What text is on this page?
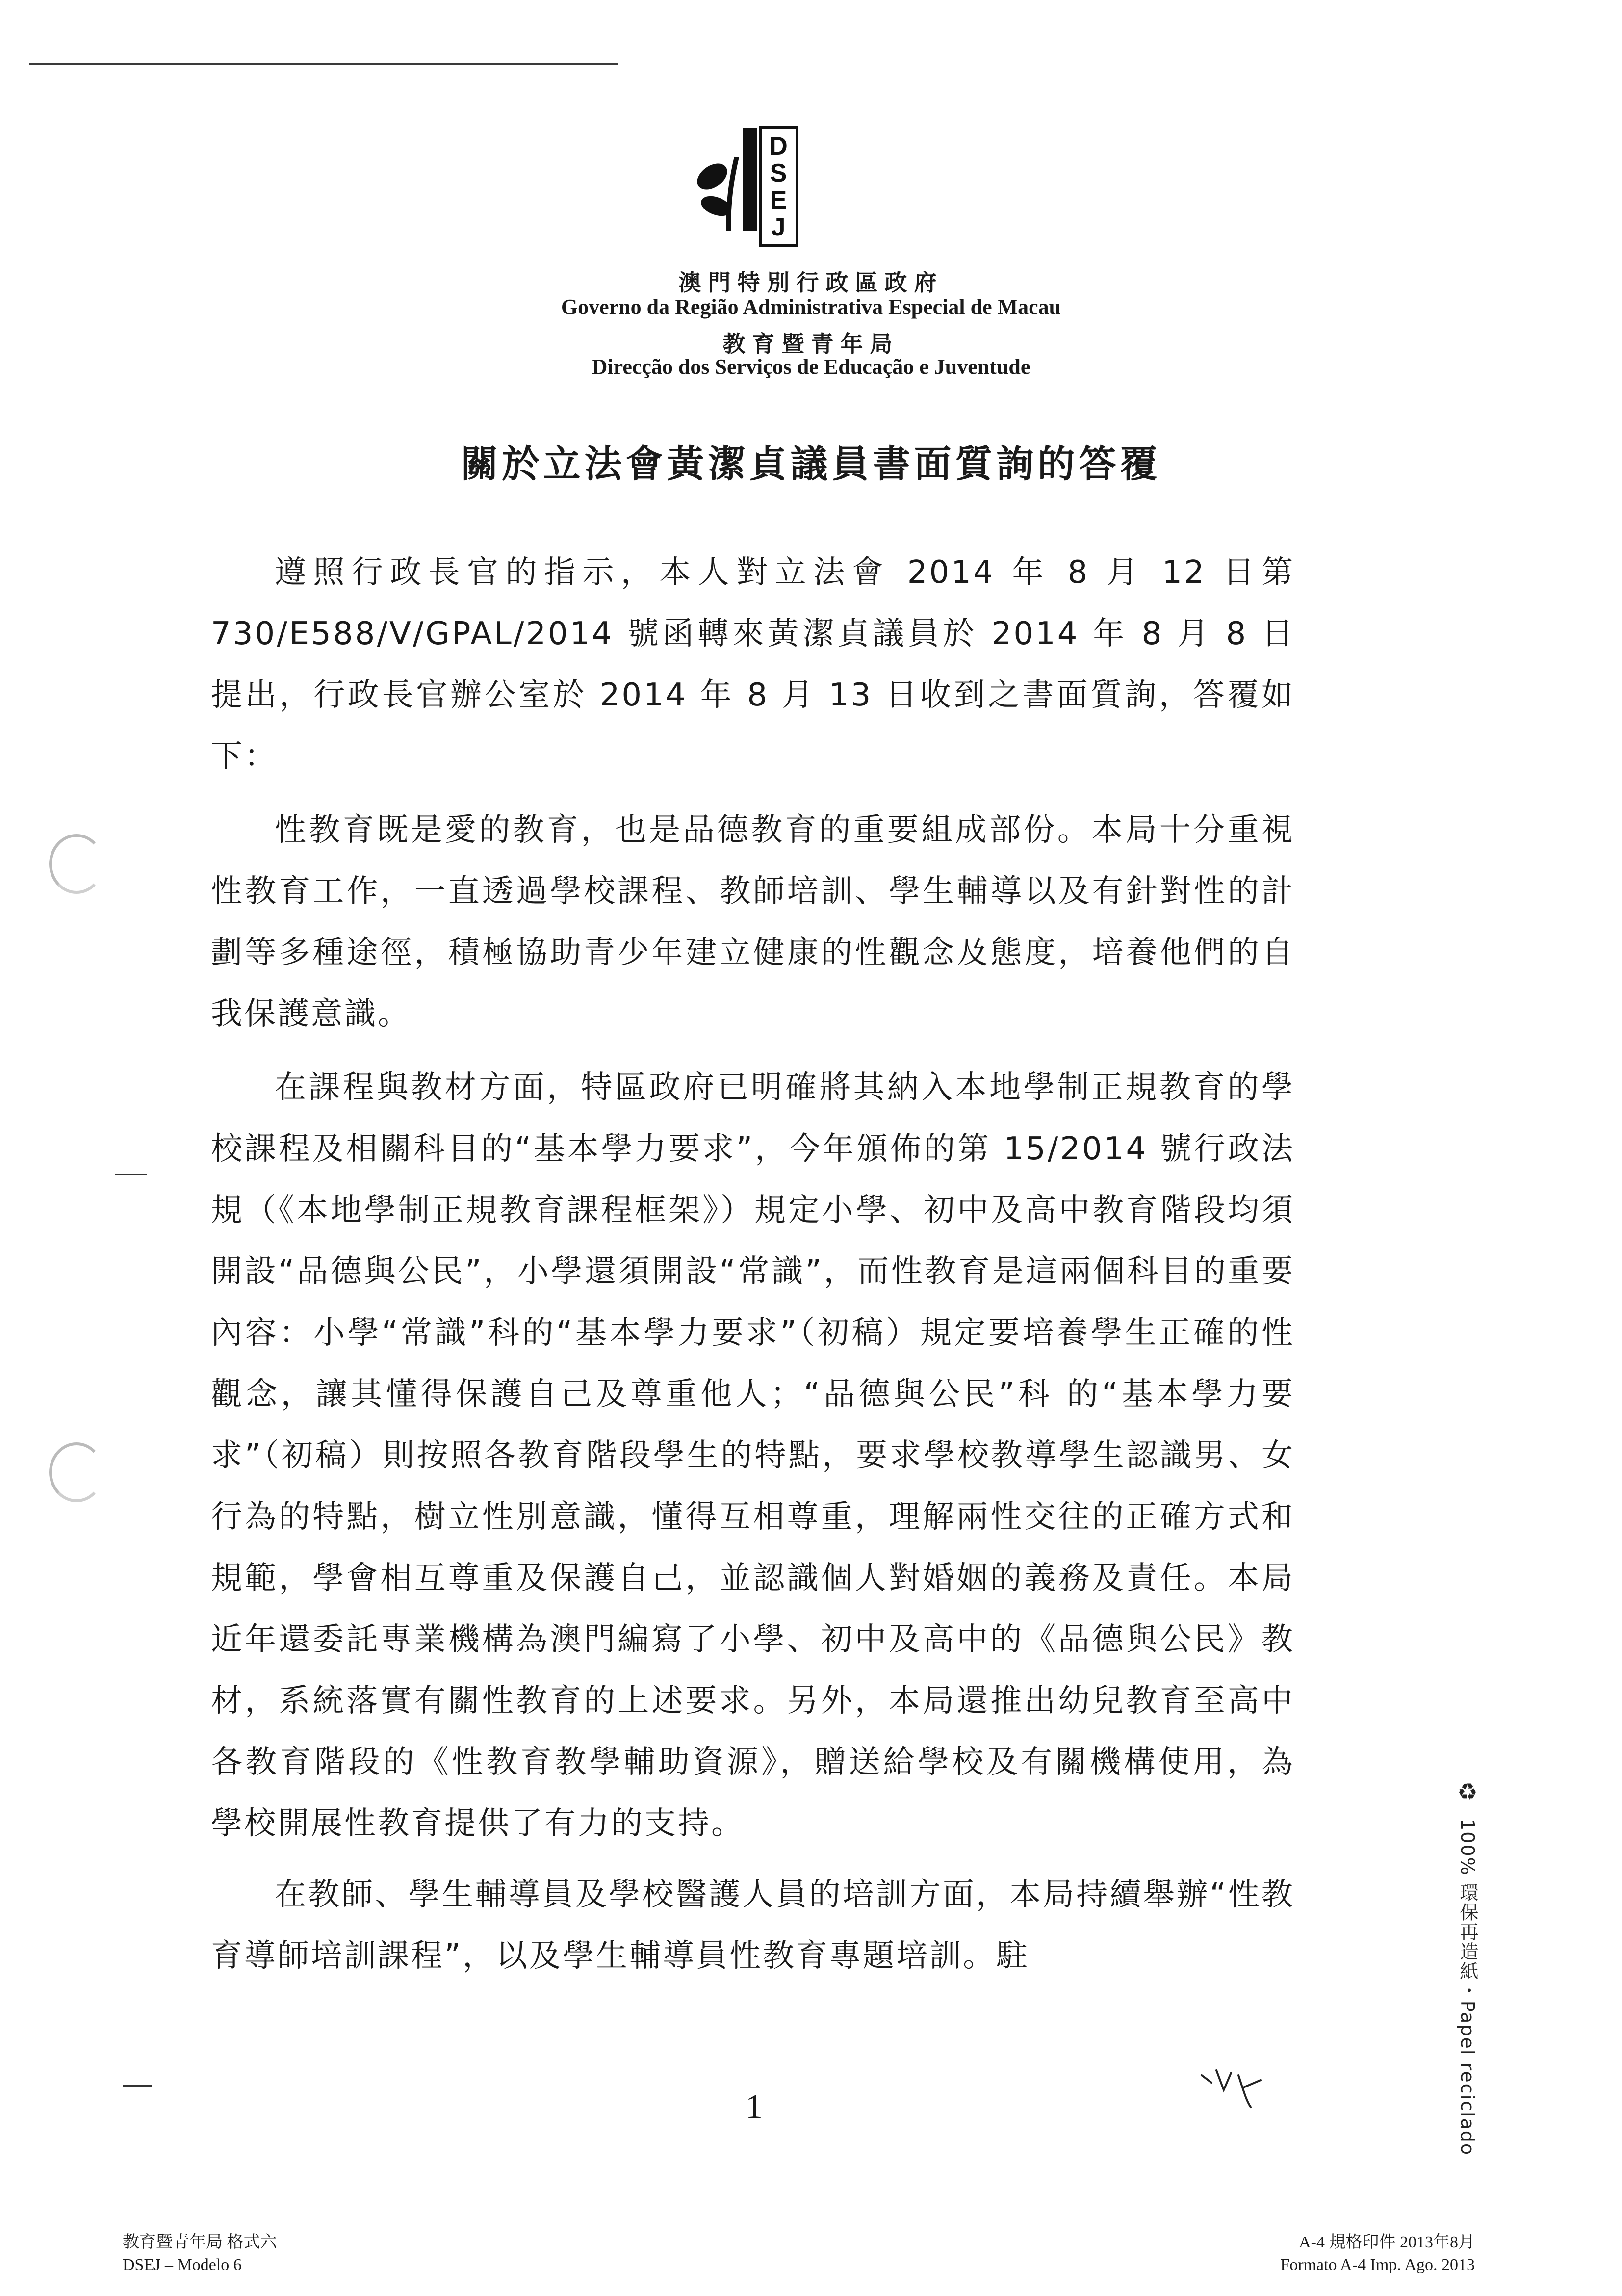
D
S
E
J
澳門特別行政區政府
Governo da Região Administrativa Especial de Macau
教育暨青年局
Direcção dos Serviços de Educação e Juventude
關於立法會黃潔貞議員書面質詢的答覆

遵照行政長官的指示，本人對立法會 2014 年 8 月 12 日第 730/E588/V/GPAL/2014 號函轉來黃潔貞議員於 2014 年 8 月 8 日提出，行政長官辦公室於 2014 年 8 月 13 日收到之書面質詢，答覆如下：

性教育既是愛的教育，也是品德教育的重要組成部份。本局十分重視性教育工作，一直透過學校課程、教師培訓、學生輔導以及有針對性的計劃等多種途徑，積極協助青少年建立健康的性觀念及態度，培養他們的自我保護意識。

在課程與教材方面，特區政府已明確將其納入本地學制正規教育的學校課程及相關科目的“基本學力要求”，今年頒佈的第 15/2014 號行政法規（《本地學制正規教育課程框架》）規定小學、初中及高中教育階段均須開設“品德與公民”，小學還須開設“常識”，而性教育是這兩個科目的重要內容：小學“常識”科的“基本學力要求”（初稿）規定要培養學生正確的性觀念，讓其懂得保護自己及尊重他人；“品德與公民”科 的“基本學力要求”（初稿）則按照各教育階段學生的特點，要求學校教導學生認識男、女行為的特點，樹立性別意識，懂得互相尊重，理解兩性交往的正確方式和規範，學會相互尊重及保護自己，並認識個人對婚姻的義務及責任。本局近年還委託專業機構為澳門編寫了小學、初中及高中的《品德與公民》教材，系統落實有關性教育的上述要求。另外，本局還推出幼兒教育至高中各教育階段的《性教育教學輔助資源》，贈送給學校及有關機構使用，為學校開展性教育提供了有力的支持。

在教師、學生輔導員及學校醫護人員的培訓方面，本局持續舉辦“性教育導師培訓課程”，以及學生輔導員性教育專題培訓。駐

♻ 100% 環保再造紙・Papel reciclado
1
教育暨青年局 格式六
DSEJ – Modelo 6
A-4 規格印件 2013年8月
Formato A-4 Imp. Ago. 2013
